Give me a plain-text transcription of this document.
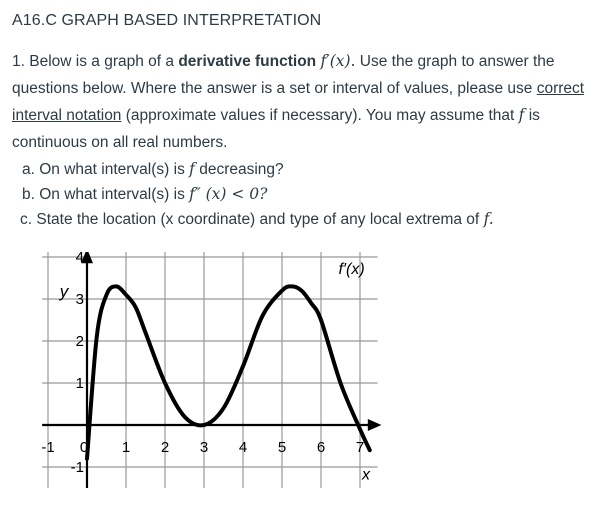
A16.C GRAPH BASED INTERPRETATION
1. Below is a graph of a derivative function f′(x). Use the graph to answer the questions below. Where the answer is a set or interval of values, please use correct interval notation (approximate values if necessary). You may assume that f is continuous on all real numbers.
a. On what interval(s) is f decreasing?
b. On what interval(s) is f″ (x) < 0?
c. State the location (x coordinate) and type of any local extrema of f.
-1 0 1 2 3 4 5 6 7
4
3
2
1
-1
f′(x)
y
x
